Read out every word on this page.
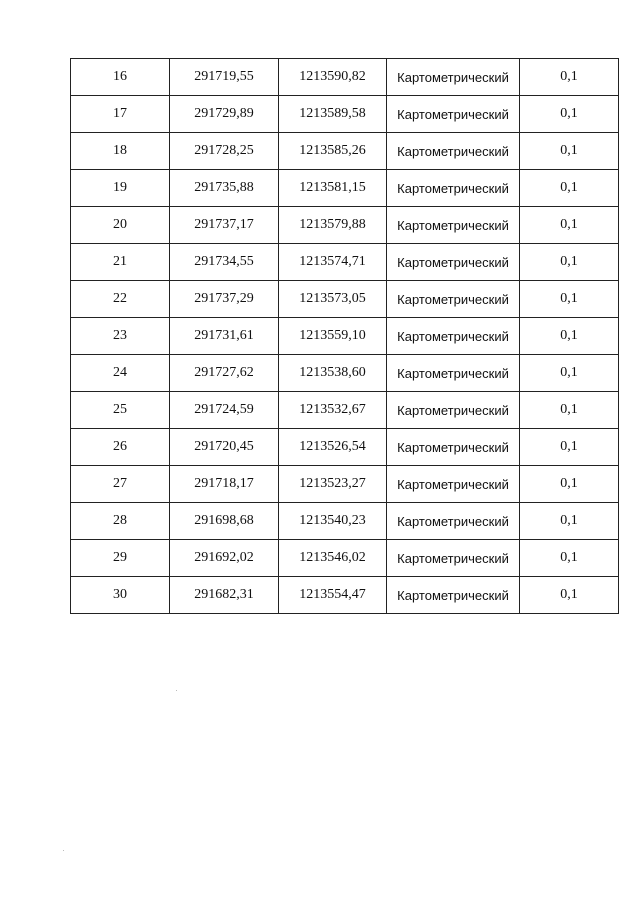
16	291719,55	1213590,82	Картометрический	0,1
17	291729,89	1213589,58	Картометрический	0,1
18	291728,25	1213585,26	Картометрический	0,1
19	291735,88	1213581,15	Картометрический	0,1
20	291737,17	1213579,88	Картометрический	0,1
21	291734,55	1213574,71	Картометрический	0,1
22	291737,29	1213573,05	Картометрический	0,1
23	291731,61	1213559,10	Картометрический	0,1
24	291727,62	1213538,60	Картометрический	0,1
25	291724,59	1213532,67	Картометрический	0,1
26	291720,45	1213526,54	Картометрический	0,1
27	291718,17	1213523,27	Картометрический	0,1
28	291698,68	1213540,23	Картометрический	0,1
29	291692,02	1213546,02	Картометрический	0,1
30	291682,31	1213554,47	Картометрический	0,1
